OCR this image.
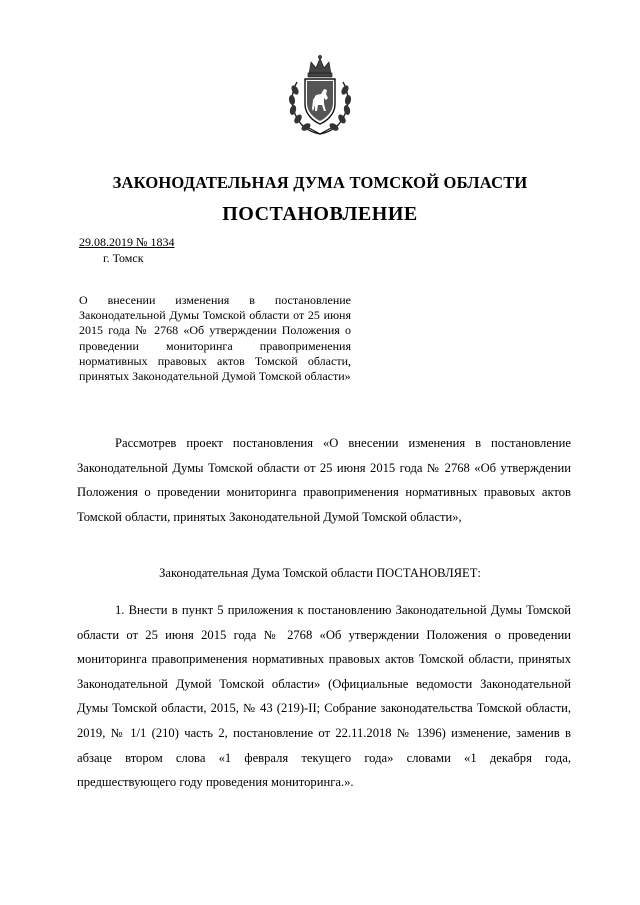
ЗАКОНОДАТЕЛЬНАЯ ДУМА ТОМСКОЙ ОБЛАСТИ
ПОСТАНОВЛЕНИЕ
29.08.2019 № 1834
г. Томск
О внесении изменения в постановление Законодательной Думы Томской области от 25 июня 2015 года № 2768 «Об утверждении Положения о проведении мониторинга правоприменения нормативных правовых актов Томской области, принятых Законодательной Думой Томской области»
Рассмотрев проект постановления «О внесении изменения в постановление Законодательной Думы Томской области от 25 июня 2015 года № 2768 «Об утверждении Положения о проведении мониторинга правоприменения нормативных правовых актов Томской области, принятых Законодательной Думой Томской области»,
Законодательная Дума Томской области ПОСТАНОВЛЯЕТ:
1. Внести в пункт 5 приложения к постановлению Законодательной Думы Томской области от 25 июня 2015 года № 2768 «Об утверждении Положения о проведении мониторинга правоприменения нормативных правовых актов Томской области, принятых Законодательной Думой Томской области» (Официальные ведомости Законодательной Думы Томской области, 2015, № 43 (219)-II; Собрание законодательства Томской области, 2019, № 1/1 (210) часть 2, постановление от 22.11.2018 № 1396) изменение, заменив в абзаце втором слова «1 февраля текущего года» словами «1 декабря года, предшествующего году проведения мониторинга.».
